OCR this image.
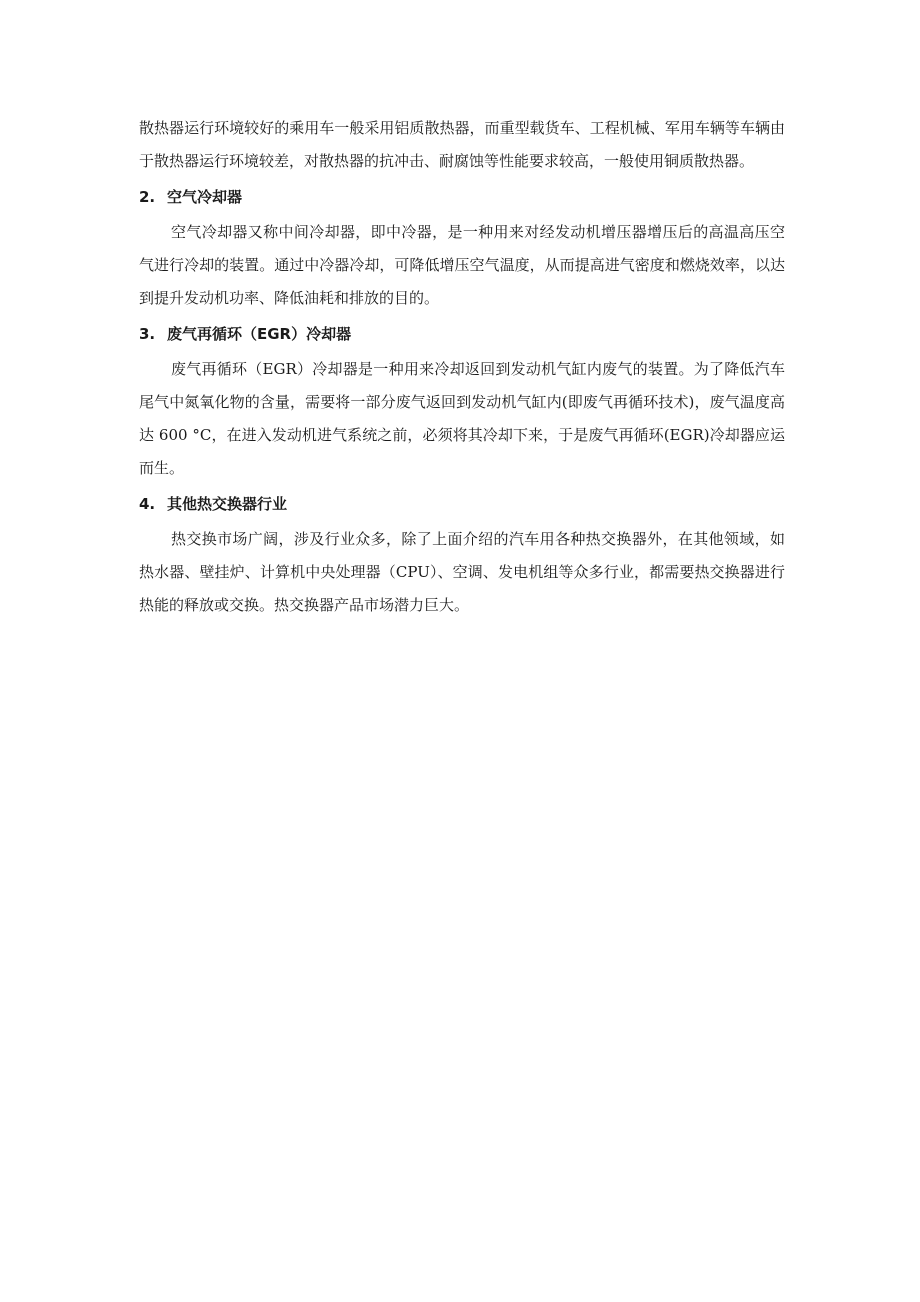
散热器运行环境较好的乘用车一般采用铝质散热器，而重型载货车、工程机械、军用车辆等车辆由于散热器运行环境较差，对散热器的抗冲击、耐腐蚀等性能要求较高，一般使用铜质散热器。

2. 空气冷却器

空气冷却器又称中间冷却器，即中冷器，是一种用来对经发动机增压器增压后的高温高压空气进行冷却的装置。通过中冷器冷却，可降低增压空气温度，从而提高进气密度和燃烧效率，以达到提升发动机功率、降低油耗和排放的目的。

3. 废气再循环（EGR）冷却器

废气再循环（EGR）冷却器是一种用来冷却返回到发动机气缸内废气的装置。为了降低汽车尾气中氮氧化物的含量，需要将一部分废气返回到发动机气缸内(即废气再循环技术)，废气温度高达 600 °C，在进入发动机进气系统之前，必须将其冷却下来，于是废气再循环(EGR)冷却器应运而生。

4. 其他热交换器行业

热交换市场广阔，涉及行业众多，除了上面介绍的汽车用各种热交换器外，在其他领域，如热水器、壁挂炉、计算机中央处理器（CPU）、空调、发电机组等众多行业，都需要热交换器进行热能的释放或交换。热交换器产品市场潜力巨大。
